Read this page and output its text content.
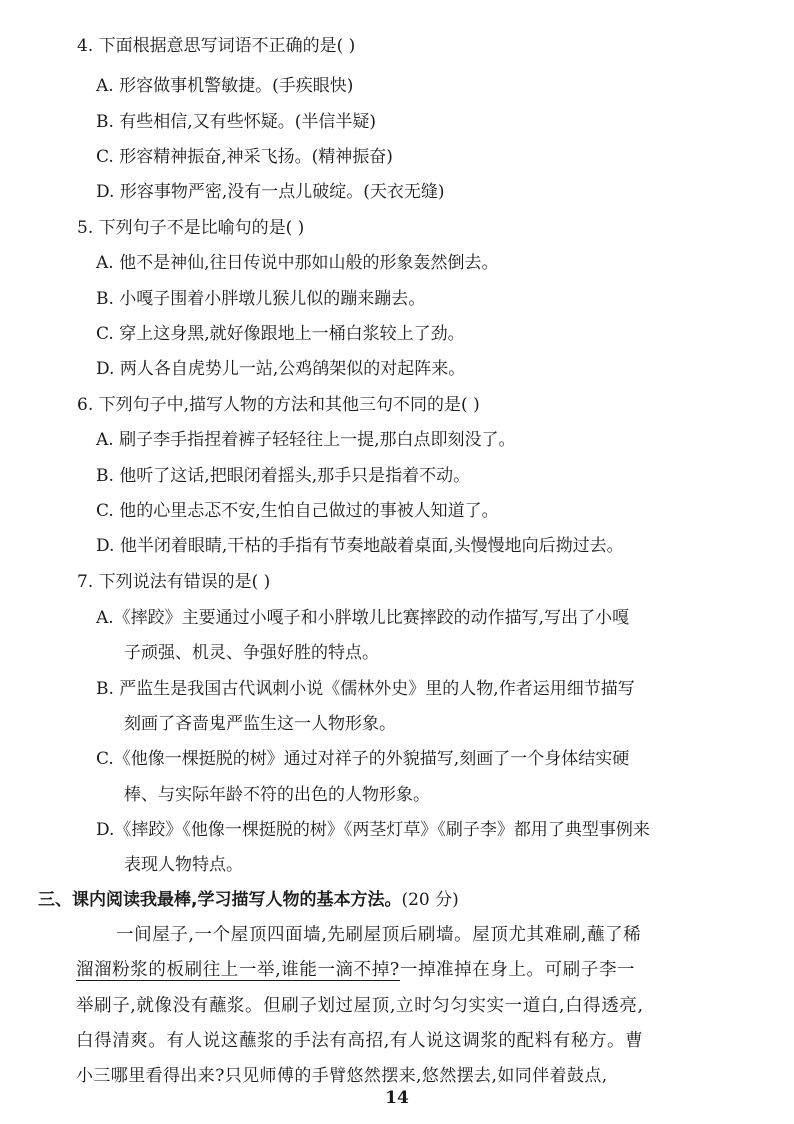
4. 下面根据意思写词语不正确的是( )
A. 形容做事机警敏捷。(手疾眼快)
B. 有些相信,又有些怀疑。(半信半疑)
C. 形容精神振奋,神采飞扬。(精神振奋)
D. 形容事物严密,没有一点儿破绽。(天衣无缝)
5. 下列句子不是比喻句的是( )
A. 他不是神仙,往日传说中那如山般的形象轰然倒去。
B. 小嘎子围着小胖墩儿猴儿似的蹦来蹦去。
C. 穿上这身黑,就好像跟地上一桶白浆较上了劲。
D. 两人各自虎势儿一站,公鸡鹐架似的对起阵来。
6. 下列句子中,描写人物的方法和其他三句不同的是( )
A. 刷子李手指捏着裤子轻轻往上一提,那白点即刻没了。
B. 他听了这话,把眼闭着摇头,那手只是指着不动。
C. 他的心里忐忑不安,生怕自己做过的事被人知道了。
D. 他半闭着眼睛,干枯的手指有节奏地敲着桌面,头慢慢地向后拗过去。
7. 下列说法有错误的是( )
A.《摔跤》主要通过小嘎子和小胖墩儿比赛摔跤的动作描写,写出了小嘎
子顽强、机灵、争强好胜的特点。
B. 严监生是我国古代讽刺小说《儒林外史》里的人物,作者运用细节描写
刻画了吝啬鬼严监生这一人物形象。
C.《他像一棵挺脱的树》通过对祥子的外貌描写,刻画了一个身体结实硬
棒、与实际年龄不符的出色的人物形象。
D.《摔跤》《他像一棵挺脱的树》《两茎灯草》《刷子李》都用了典型事例来
表现人物特点。
三、课内阅读我最棒,学习描写人物的基本方法。(20 分)
一间屋子,一个屋顶四面墙,先刷屋顶后刷墙。屋顶尤其难刷,蘸了稀
溜溜粉浆的板刷往上一举,谁能一滴不掉?一掉准掉在身上。可刷子李一
举刷子,就像没有蘸浆。但刷子划过屋顶,立时匀匀实实一道白,白得透亮,
白得清爽。有人说这蘸浆的手法有高招,有人说这调浆的配料有秘方。曹
小三哪里看得出来?只见师傅的手臂悠然摆来,悠然摆去,如同伴着鼓点,
14
